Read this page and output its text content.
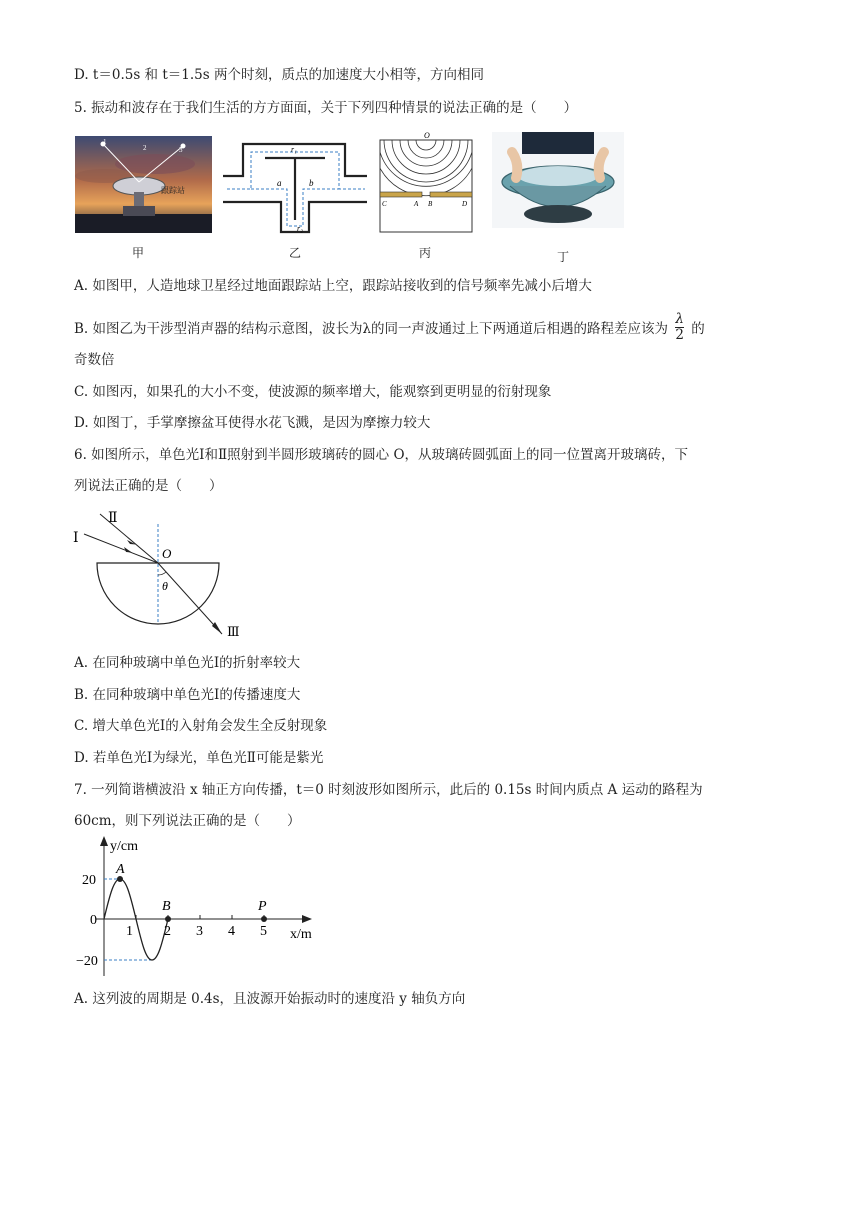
D. t＝0.5s 和 t＝1.5s 两个时刻，质点的加速度大小相等，方向相同
5. 振动和波存在于我们生活的方方面面，关于下列四种情景的说法正确的是（　　）
1
3
2
跟踪站
甲
r₁
r₂
a	b
乙
O
C	A B	D
丙	丁
A. 如图甲，人造地球卫星经过地面跟踪站上空，跟踪站接收到的信号频率先减小后增大
B. 如图乙为干涉型消声器的结构示意图，波长为λ的同一声波通过上下两通道后相遇的路程差应该为 $\frac{\lambda}{2}$ 的
奇数倍
C. 如图丙，如果孔的大小不变，使波源的频率增大，能观察到更明显的衍射现象
D. 如图丁，手掌摩擦盆耳使得水花飞溅，是因为摩擦力较大
6. 如图所示，单色光Ⅰ和Ⅱ照射到半圆形玻璃砖的圆心 O，从玻璃砖圆弧面上的同一位置离开玻璃砖，下
列说法正确的是（　　）
Ⅰ
Ⅱ
Ⅲ
O
θ
A. 在同种玻璃中单色光Ⅰ的折射率较大
B. 在同种玻璃中单色光Ⅰ的传播速度大
C. 增大单色光Ⅰ的入射角会发生全反射现象
D. 若单色光Ⅰ为绿光，单色光Ⅱ可能是紫光
7. 一列简谐横波沿 x 轴正方向传播，t＝0 时刻波形如图所示，此后的 0.15s 时间内质点 A 运动的路程为
60cm，则下列说法正确的是（　　）
A
B	P
y/cm
x/m
20
0
−20
1 2 3 4 5
A. 这列波的周期是 0.4s，且波源开始振动时的速度沿 y 轴负方向
